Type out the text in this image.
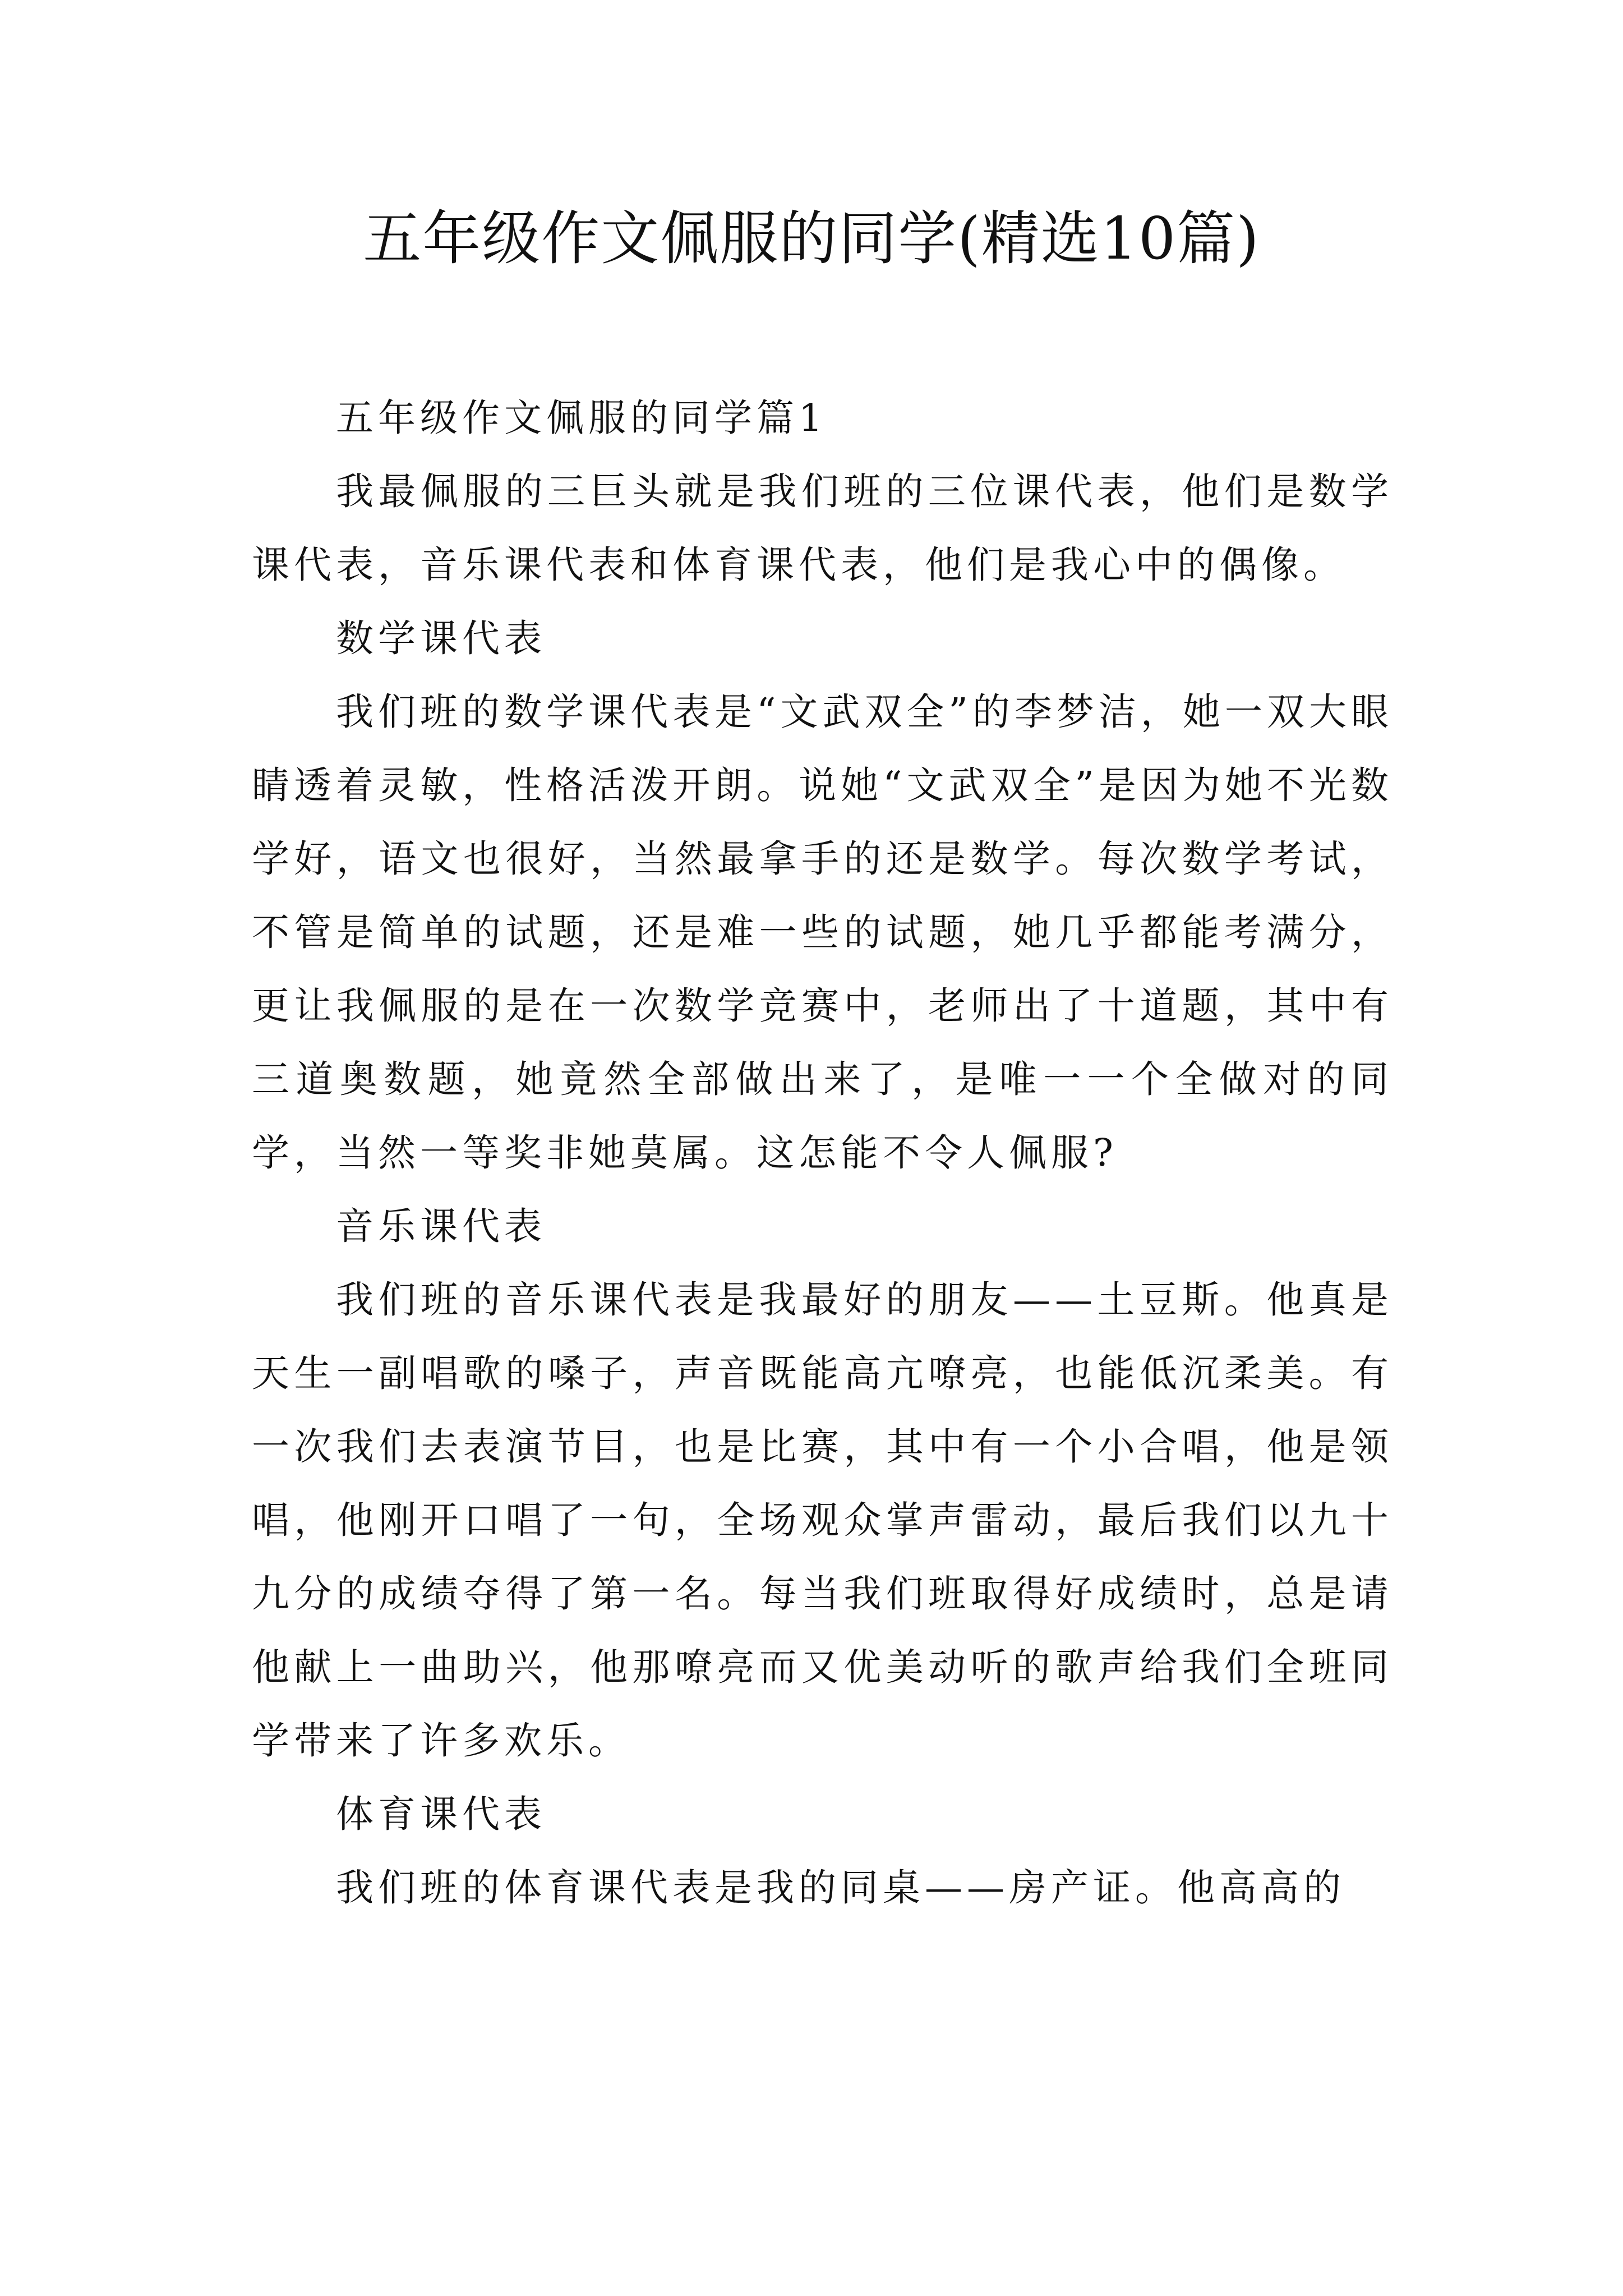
五年级作文佩服的同学(精选10篇)

五年级作文佩服的同学篇1

我最佩服的三巨头就是我们班的三位课代表，他们是数学课代表，音乐课代表和体育课代表，他们是我心中的偶像。

数学课代表

我们班的数学课代表是“文武双全”的李梦洁，她一双大眼睛透着灵敏，性格活泼开朗。说她“文武双全”是因为她不光数学好，语文也很好，当然最拿手的还是数学。每次数学考试，不管是简单的试题，还是难一些的试题，她几乎都能考满分，更让我佩服的是在一次数学竞赛中，老师出了十道题，其中有三道奥数题，她竟然全部做出来了，是唯一一个全做对的同学，当然一等奖非她莫属。这怎能不令人佩服?

音乐课代表

我们班的音乐课代表是我最好的朋友——土豆斯。他真是天生一副唱歌的嗓子，声音既能高亢嘹亮，也能低沉柔美。有一次我们去表演节目，也是比赛，其中有一个小合唱，他是领唱，他刚开口唱了一句，全场观众掌声雷动，最后我们以九十九分的成绩夺得了第一名。每当我们班取得好成绩时，总是请他献上一曲助兴，他那嘹亮而又优美动听的歌声给我们全班同学带来了许多欢乐。

体育课代表

我们班的体育课代表是我的同桌——房产证。他高高的
